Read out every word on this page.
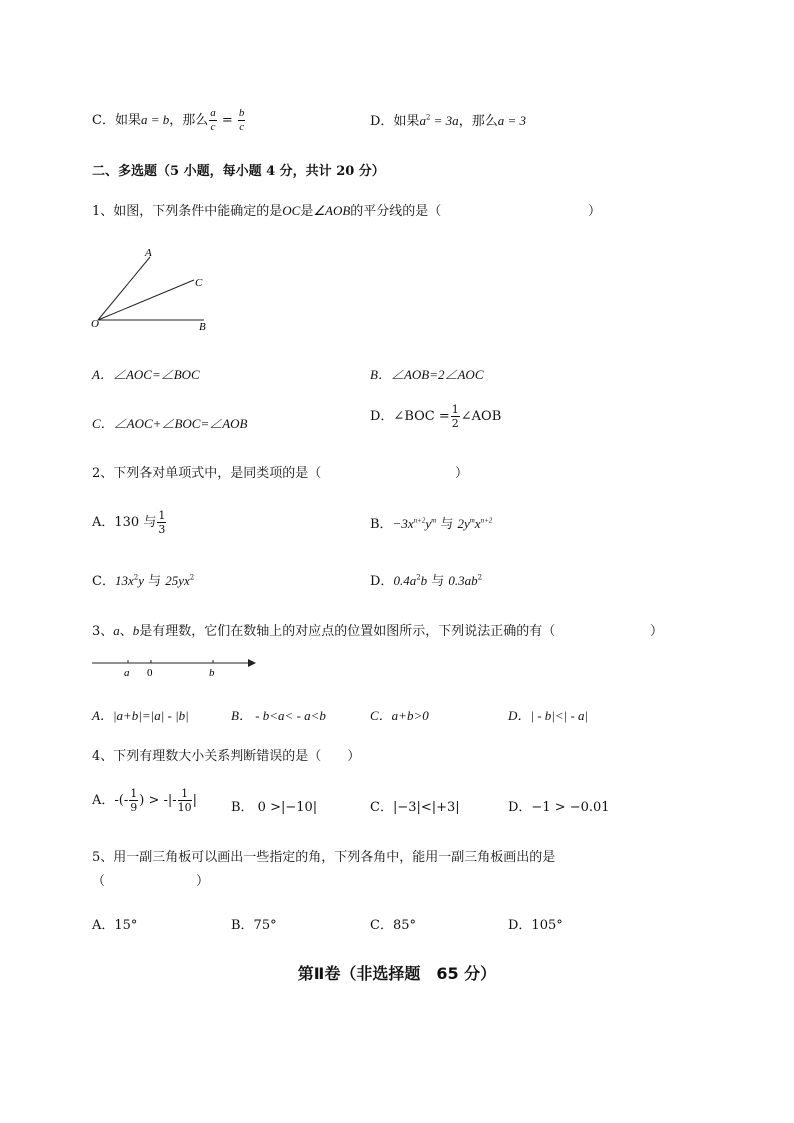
C．如果a = b，那么 $\frac{a}{c} = \frac{b}{c}$	D．如果$a^2 = 3a$，那么a = 3
二、多选题（5 小题，每小题 4 分，共计 20 分）
1、如图，下列条件中能确定的是OC是∠AOB的平分线的是（	）
A
C
O	B
A．∠AOC=∠BOC	B．∠AOB=2∠AOC
C．∠AOC+∠BOC=∠AOB	D．∠BOC = $\frac{1}{2}$ ∠AOB
2、下列各对单项式中，是同类项的是（	）
A．130 与 $\frac{1}{3}$	B．$-3x^{n+2}y^m$ 与 $2y^mx^{n+2}$
C．$13x^2y$ 与 $25yx^2$	D．$0.4a^2b$ 与 $0.3ab^2$
3、a、b是有理数，它们在数轴上的对应点的位置如图所示，下列说法正确的有（	）
a 0	b
A．|a+b|=|a| - |b|	B． - b<a< - a<b	C．a+b>0	D．| - b|<| - a|
4、下列有理数大小关系判断错误的是（　　）
A．-(- $\frac{1}{9}$ ) > -|- $\frac{1}{10}$ |	B． 0 >|−10|	C．|−3|<|+3|	D．−1 > −0.01
5、用一副三角板可以画出一些指定的角，下列各角中，能用一副三角板画出的是
（　　　　　　　）
A．15°	B．75°	C．85°	D．105°
第Ⅱ卷（非选择题　65 分）
